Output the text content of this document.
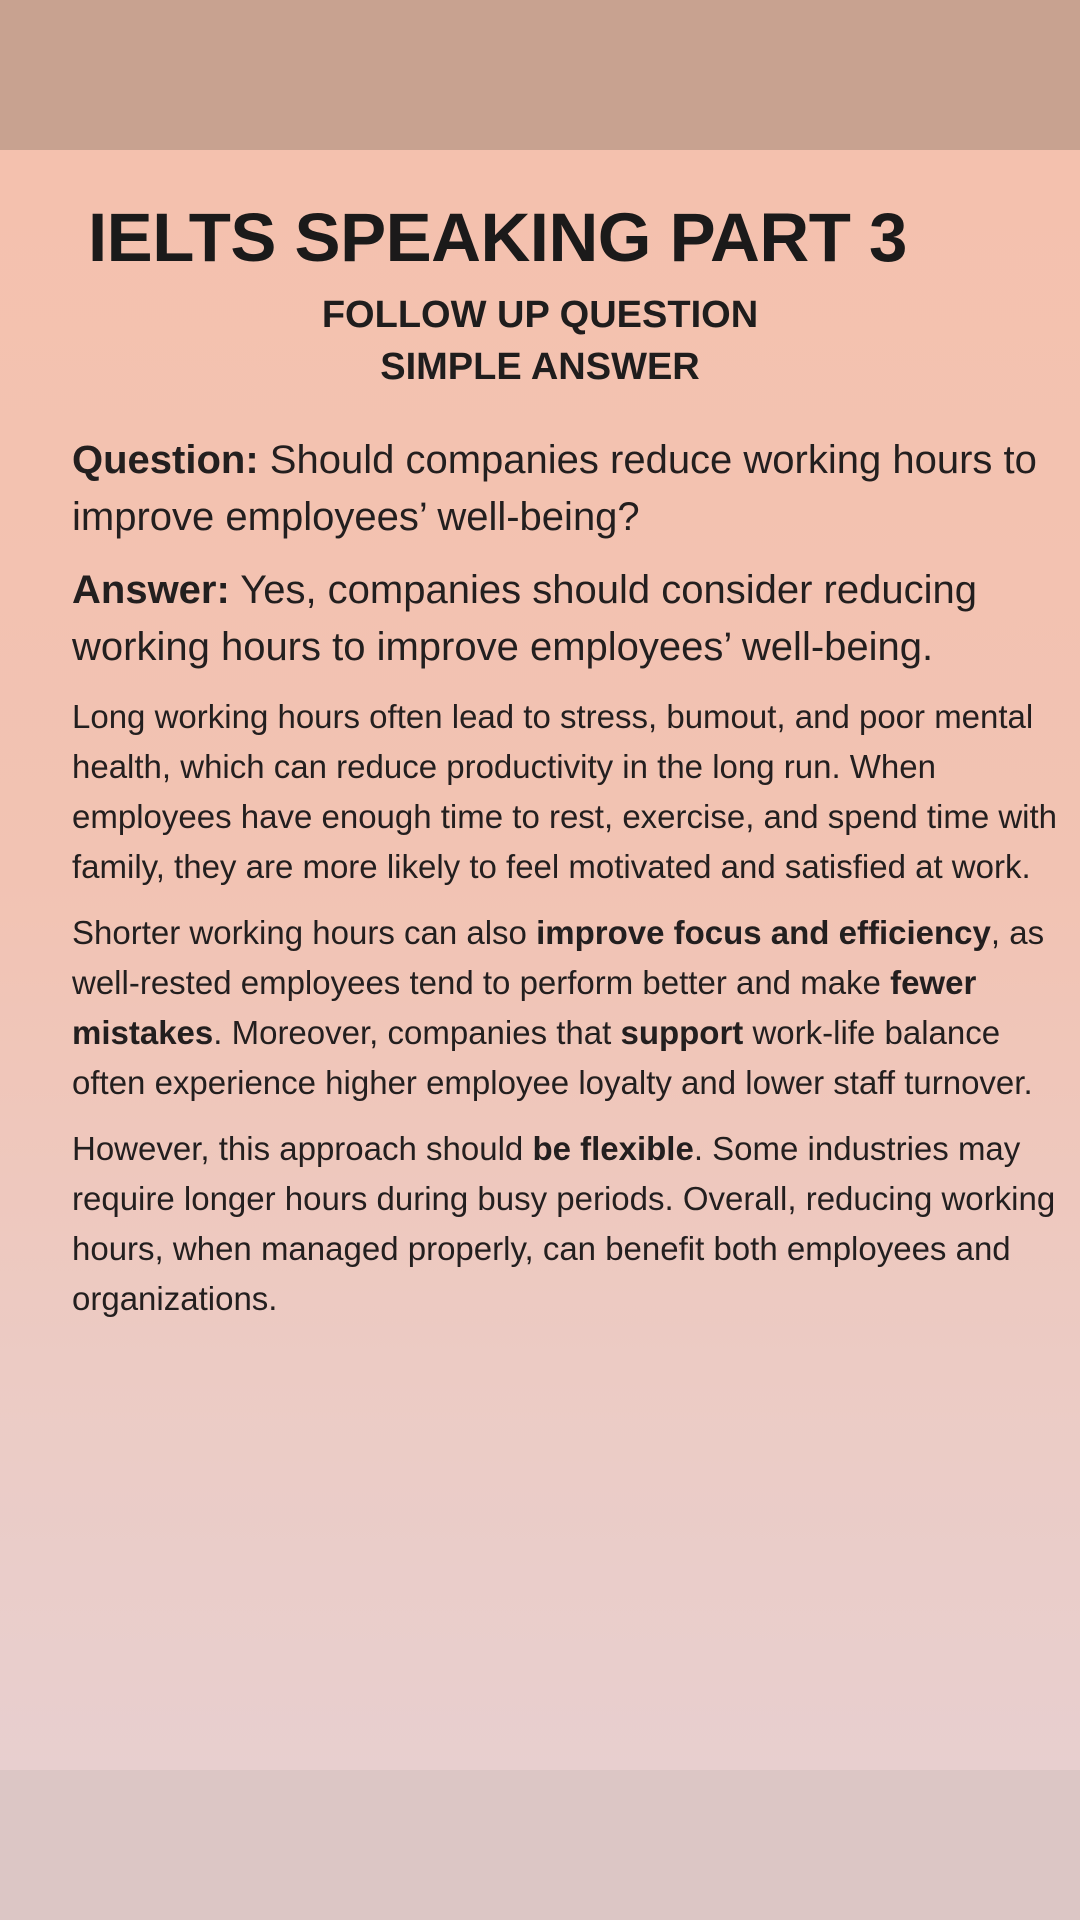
IELTS SPEAKING PART 3
FOLLOW UP QUESTION
SIMPLE ANSWER

Question: Should companies reduce working hours to improve employees’ well-being?

Answer: Yes, companies should consider reducing working hours to improve employees’ well-being.

Long working hours often lead to stress, bumout, and poor mental health, which can reduce productivity in the long run. When employees have enough time to rest, exercise, and spend time with family, they are more likely to feel motivated and satisfied at work.

Shorter working hours can also improve focus and efficiency, as well-rested employees tend to perform better and make fewer mistakes. Moreover, companies that support work-life balance often experience higher employee loyalty and lower staff turnover.

However, this approach should be flexible. Some industries may require longer hours during busy periods. Overall, reducing working hours, when managed properly, can benefit both employees and organizations.
